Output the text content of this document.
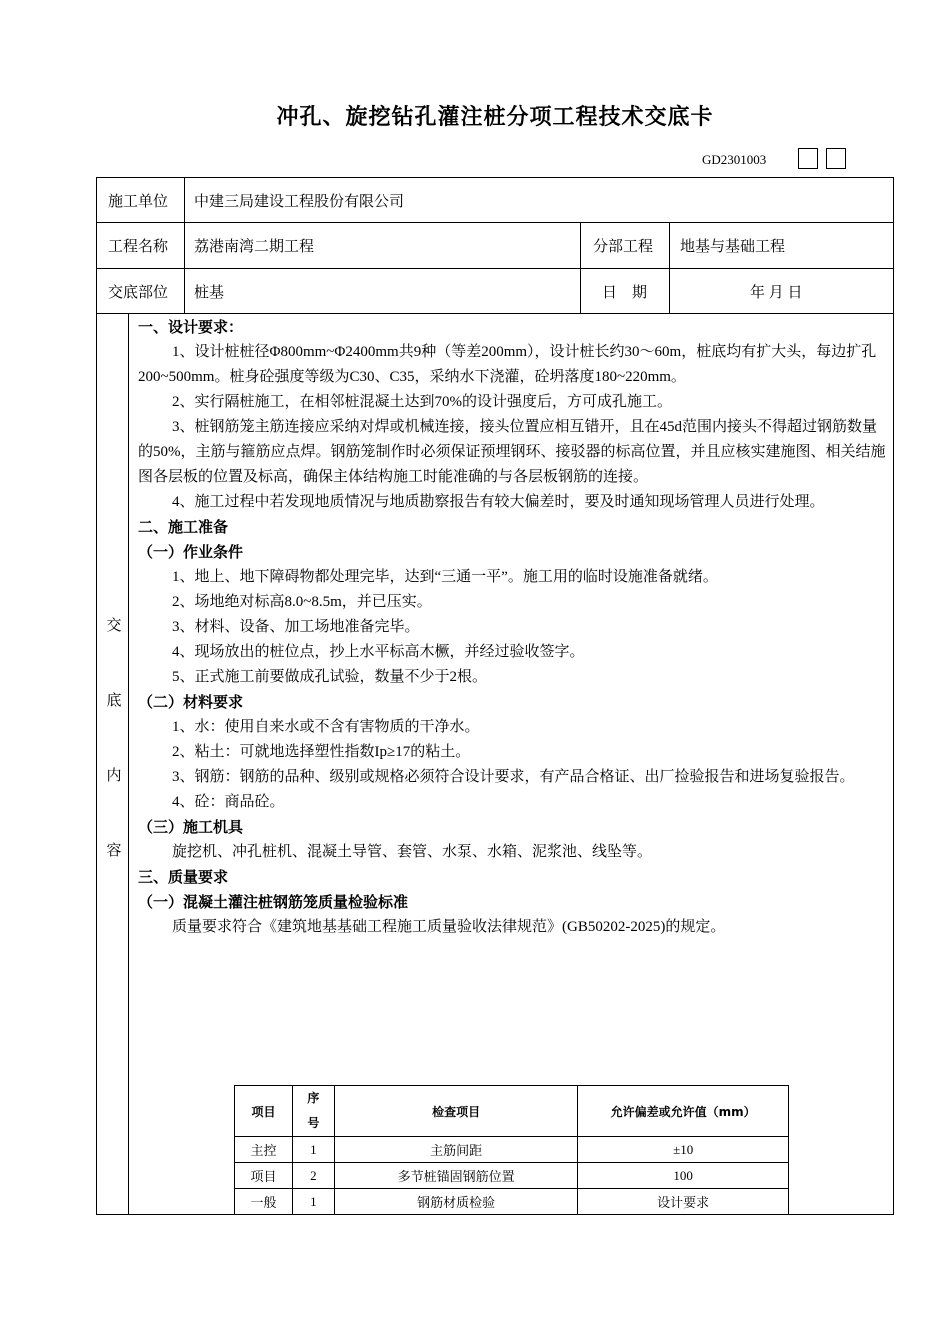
冲孔、旋挖钻孔灌注桩分项工程技术交底卡
GD2301003
施工单位 中建三局建设工程股份有限公司
工程名称 荔港南湾二期工程	分部工程 地基与基础工程
交底部位 桩基	日　期	年 月 日
交
底
内
容

一、设计要求：

1、设计桩桩径Φ800mm~Φ2400mm共9种（等差200mm），设计桩长约30～60m，桩底均有扩大头，每边扩孔200~500mm。桩身砼强度等级为C30、C35，采纳水下浇灌，砼坍落度180~220mm。

2、实行隔桩施工，在相邻桩混凝土达到70%的设计强度后，方可成孔施工。

3、桩钢筋笼主筋连接应采纳对焊或机械连接，接头位置应相互错开，且在45d范围内接头不得超过钢筋数量的50%，主筋与箍筋应点焊。钢筋笼制作时必须保证预埋钢环、接驳器的标高位置，并且应核实建施图、相关结施图各层板的位置及标高，确保主体结构施工时能准确的与各层板钢筋的连接。

4、施工过程中若发现地质情况与地质勘察报告有较大偏差时，要及时通知现场管理人员进行处理。

二、施工准备

（一）作业条件

1、地上、地下障碍物都处理完毕，达到“三通一平”。施工用的临时设施准备就绪。

2、场地绝对标高8.0~8.5m，并已压实。

3、材料、设备、加工场地准备完毕。

4、现场放出的桩位点，抄上水平标高木橛，并经过验收签字。

5、正式施工前要做成孔试验，数量不少于2根。

（二）材料要求

1、水：使用自来水或不含有害物质的干净水。

2、粘土：可就地选择塑性指数Ip≥17的粘土。

3、钢筋：钢筋的品种、级别或规格必须符合设计要求，有产品合格证、出厂捡验报告和进场复验报告。

4、砼：商品砼。

（三）施工机具

旋挖机、冲孔桩机、混凝土导管、套管、水泵、水箱、泥浆池、线坠等。

三、质量要求

（一）混凝土灌注桩钢筋笼质量检验标准

质量要求符合《建筑地基基础工程施工质量验收法律规范》(GB50202-2025)的规定。

项目	序号	检查项目	允许偏差或允许值（mm）
主控	1	主筋间距	±10
项目	2	多节桩锚固钢筋位置	100
一般	1	钢筋材质检验	设计要求
